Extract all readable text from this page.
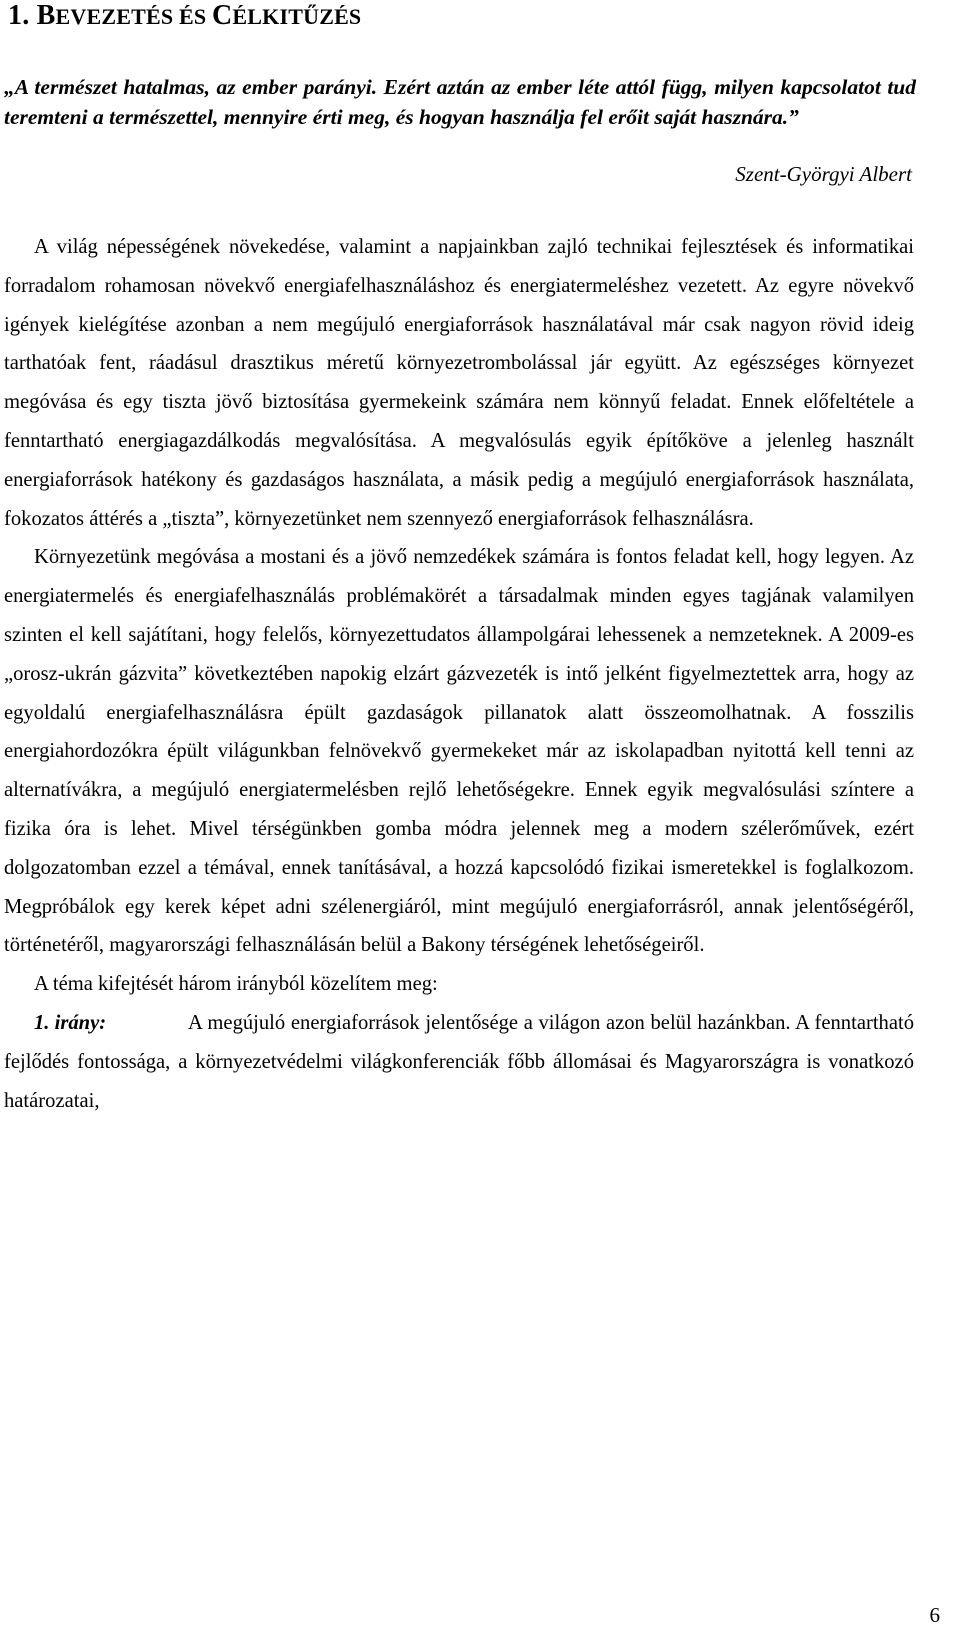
1. BEVEZETÉS ÉS CÉLKITŰZÉS

„A természet hatalmas, az ember parányi. Ezért aztán az ember léte attól függ, milyen kapcsolatot tud teremteni a természettel, mennyire érti meg, és hogyan használja fel erőit saját hasznára.”

Szent-Györgyi Albert

A világ népességének növekedése, valamint a napjainkban zajló technikai fejlesztések és informatikai forradalom rohamosan növekvő energiafelhasználáshoz és energiatermeléshez vezetett. Az egyre növekvő igények kielégítése azonban a nem megújuló energiaforrások használatával már csak nagyon rövid ideig tarthatóak fent, ráadásul drasztikus méretű környezetrombolással jár együtt. Az egészséges környezet megóvása és egy tiszta jövő biztosítása gyermekeink számára nem könnyű feladat. Ennek előfeltétele a fenntartható energiagazdálkodás megvalósítása. A megvalósulás egyik építőköve a jelenleg használt energiaforrások hatékony és gazdaságos használata, a másik pedig a megújuló energiaforrások használata, fokozatos áttérés a „tiszta”, környezetünket nem szennyező energiaforrások felhasználásra.

Környezetünk megóvása a mostani és a jövő nemzedékek számára is fontos feladat kell, hogy legyen. Az energiatermelés és energiafelhasználás problémakörét a társadalmak minden egyes tagjának valamilyen szinten el kell sajátítani, hogy felelős, környezettudatos állampolgárai lehessenek a nemzeteknek. A 2009-es „orosz-ukrán gázvita” következtében napokig elzárt gázvezeték is intő jelként figyelmeztettek arra, hogy az egyoldalú energiafelhasználásra épült gazdaságok pillanatok alatt összeomolhatnak. A fosszilis energiahordozókra épült világunkban felnövekvő gyermekeket már az iskolapadban nyitottá kell tenni az alternatívákra, a megújuló energiatermelésben rejlő lehetőségekre. Ennek egyik megvalósulási színtere a fizika óra is lehet. Mivel térségünkben gomba módra jelennek meg a modern szélerőművek, ezért dolgozatomban ezzel a témával, ennek tanításával, a hozzá kapcsolódó fizikai ismeretekkel is foglalkozom. Megpróbálok egy kerek képet adni szélenergiáról, mint megújuló energiaforrásról, annak jelentőségéről, történetéről, magyarországi felhasználásán belül a Bakony térségének lehetőségeiről.

A téma kifejtését három irányból közelítem meg:

1. irány:	A megújuló energiaforrások jelentősége a világon azon belül hazánkban. A fenntartható fejlődés fontossága, a környezetvédelmi világkonferenciák főbb állomásai és Magyarországra is vonatkozó határozatai,

6
